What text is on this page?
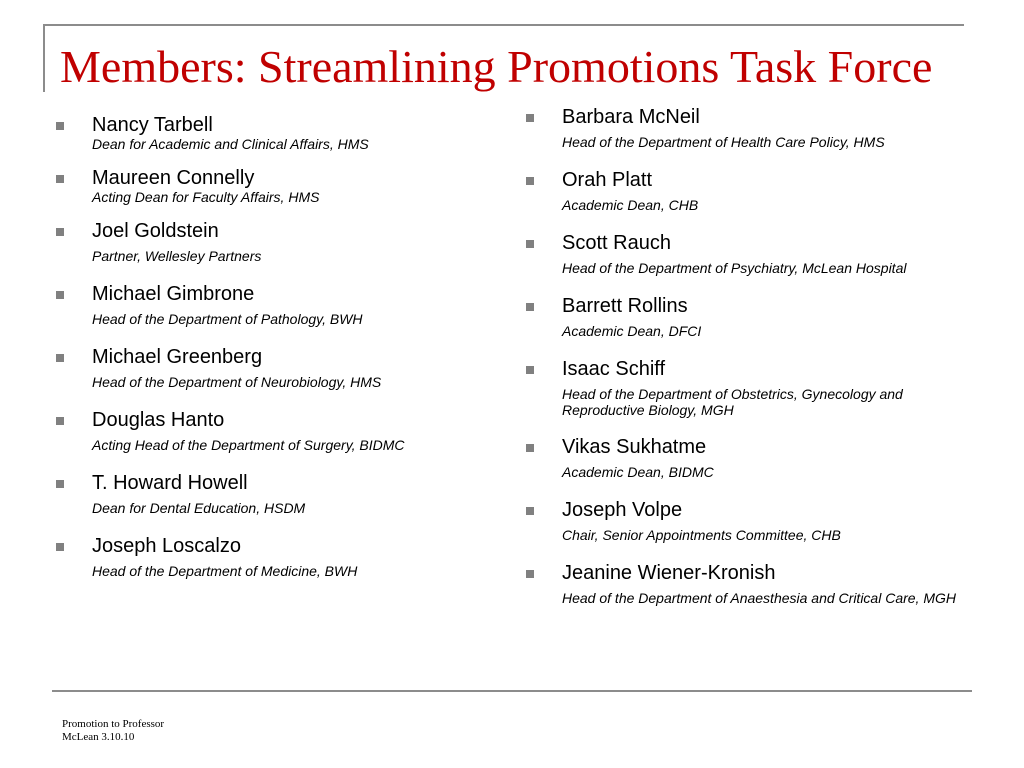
Members: Streamlining Promotions Task Force
Nancy Tarbell
Dean for Academic and Clinical Affairs, HMS
Maureen Connelly
Acting Dean for Faculty Affairs, HMS
Joel Goldstein
Partner, Wellesley Partners
Michael Gimbrone
Head of the Department of Pathology, BWH
Michael Greenberg
Head of the Department of Neurobiology, HMS
Douglas Hanto
Acting Head of the Department of Surgery, BIDMC
T. Howard Howell
Dean for Dental Education, HSDM
Joseph Loscalzo
Head of the Department of Medicine, BWH
Barbara McNeil
Head of the Department of Health Care Policy, HMS
Orah Platt
Academic Dean, CHB
Scott Rauch
Head of the Department of Psychiatry, McLean Hospital
Barrett Rollins
Academic Dean, DFCI
Isaac Schiff
Head of the Department of Obstetrics, Gynecology and Reproductive Biology, MGH
Vikas Sukhatme
Academic Dean, BIDMC
Joseph Volpe
Chair, Senior Appointments Committee, CHB
Jeanine Wiener-Kronish
Head of the Department of Anaesthesia and Critical Care, MGH
Promotion to Professor
McLean 3.10.10
